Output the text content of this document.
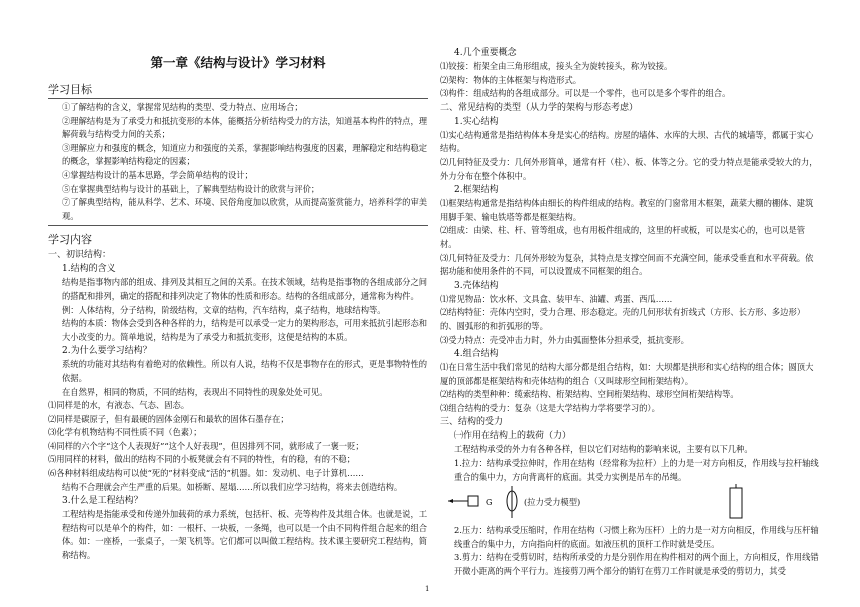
第一章《结构与设计》学习材料
学习目标
①了解结构的含义，掌握常见结构的类型、受力特点、应用场合；
②理解结构是为了承受力和抵抗变形的本体，能概括分析结构受力的方法，知道基本构件的特点，理解荷载与结构受力间的关系；
③理解应力和强度的概念，知道应力和强度的关系，掌握影响结构强度的因素，理解稳定和结构稳定的概念，掌握影响结构稳定的因素；
④掌握结构设计的基本思路，学会简单结构的设计；
⑤在掌握典型结构与设计的基础上，了解典型结构设计的欣赏与评价；
⑦了解典型结构，能从科学、艺术、环境、民俗角度加以欣赏，从而提高鉴赏能力，培养科学的审美观。
学习内容
一、初识结构：
1.结构的含义
结构是指事物内部的组成、排列及其相互之间的关系。在技术领域，结构是指事物的各组成部分之间的搭配和排列，确定的搭配和排列决定了物体的性质和形态。结构的各组成部分，通常称为构件。例：人体结构，分子结构，阶级结构，文章的结构，汽车结构，桌子结构，地球结构等。
结构的本质：物体会受到各种各样的力，结构是可以承受一定力的架构形态，可用来抵抗引起形态和大小改变的力。简单地说，结构是为了承受力和抵抗变形，这便是结构的本质。
2.为什么要学习结构？
系统的功能对其结构有着绝对的依赖性。所以有人说，结构不仅是事物存在的形式，更是事物特性的依据。
在自然界，相同的物质，不同的结构，表现出不同特性的现象处处可见。
⑴同样是的水，有液态、气态、固态。
⑵同样是碳原子，但有最硬的固体金刚石和最软的固体石墨存在；
⑶化学有机物结构不同性质不同（色素）；
⑷同样的六个字“这个人表现好”“这个人好表现”，但因排列不同，就形成了一褒一贬；
⑸用同样的材料，做出的结构不同的小板凳就会有不同的特性，有的稳，有的不稳；
⑹各种材料组成结构可以使“死的”材料变成“活的”机器。如：发动机、电子计算机……
结构不合理就会产生严重的后果。如桥断、屋塌……所以我们应学习结构，将来去创造结构。
3.什么是工程结构？
工程结构是指能承受和传递外加载荷的承力系统，包括杆、板、壳等构件及其组合体。也就是说，工程结构可以是单个的构件，如：一根杆、一块板，一条绳，也可以是一个由不同构件组合起来的组合体。如：一座桥，一张桌子，一架飞机等。它们都可以叫做工程结构。技术课主要研究工程结构，简称结构。
4.几个重要概念
⑴铰接：桁架全由三角形组成，接头全为旋转接头，称为铰接。
⑵架构：物体的主体框架与构造形式。
⑶构件：组成结构的各组成部分。可以是一个零件，也可以是多个零件的组合。
二、常见结构的类型（从力学的架构与形态考虑）
1.实心结构
⑴实心结构通常是指结构体本身是实心的结构。房屋的墙体、水库的大坝、古代的城墙等，都属于实心结构。
⑵几何特征及受力：几何外形简单，通常有杆（柱）、板、体等之分。它的受力特点是能承受较大的力，外力分布在整个体积中。
2.框架结构
⑴框架结构通常是指结构体由细长的构件组成的结构。教室的门窗常用木框架，蔬菜大棚的棚体、建筑用脚手架、输电铁塔等都是框架结构。
⑵组成：由梁、柱、杆、管等组成，也有用板件组成的，这里的杆或板，可以是实心的，也可以是管材。
⑶几何特征及受力：几何外形较为复杂，其特点是支撑空间而不充满空间，能承受垂直和水平荷载。依据功能和使用条件的不同，可以设置成不同框架的组合。
3.壳体结构
⑴常见物品：饮水杯、文具盒、装甲车、油罐、鸡蛋、西瓜……
⑵结构特征：壳体内空时，受力合理、形态稳定。壳的几何形状有折线式（方形、长方形、多边形）的、圆弧形的和折弧形的等。
⑶受力特点：壳受冲击力时，外力由弧面整体分担承受，抵抗变形。
4.组合结构
⑴在日常生活中我们常见的结构大部分都是组合结构，如：大坝都是拱形和实心结构的组合体；圆顶大厦的顶部都是框架结构和壳体结构的组合（又叫球形空间桁架结构）。
⑵结构的类型种种：缆索结构、桁架结构、空间桁架结构、球形空间桁架结构等。
⑶组合结构的受力：复杂（这是大学结构力学将要学习的）。
三、结构的受力
㈠作用在结构上的载荷（力）
工程结构承受的外力有各种各样，但以它们对结构的影响来说，主要有以下几种。
1.拉力：结构承受拉伸时，作用在结构（经常称为拉杆）上的力是一对方向相反，作用线与拉杆轴线重合的集中力，方向背离杆的底面。其受力实例是吊车的吊绳。
G	(拉力受力模型)
2.压力：结构承受压缩时，作用在结构（习惯上称为压杆）上的力是一对方向相反，作用线与压杆轴线重合的集中力，方向指向杆的底面。如液压机的顶杆工作时就是受压。
3.剪力：结构在受剪切时，结构所承受的力是分别作用在构件相对的两个面上，方向相反，作用线错开微小距离的两个平行力。连接剪刀两个部分的销钉在剪刀工作时就是承受的剪切力，其受
1
